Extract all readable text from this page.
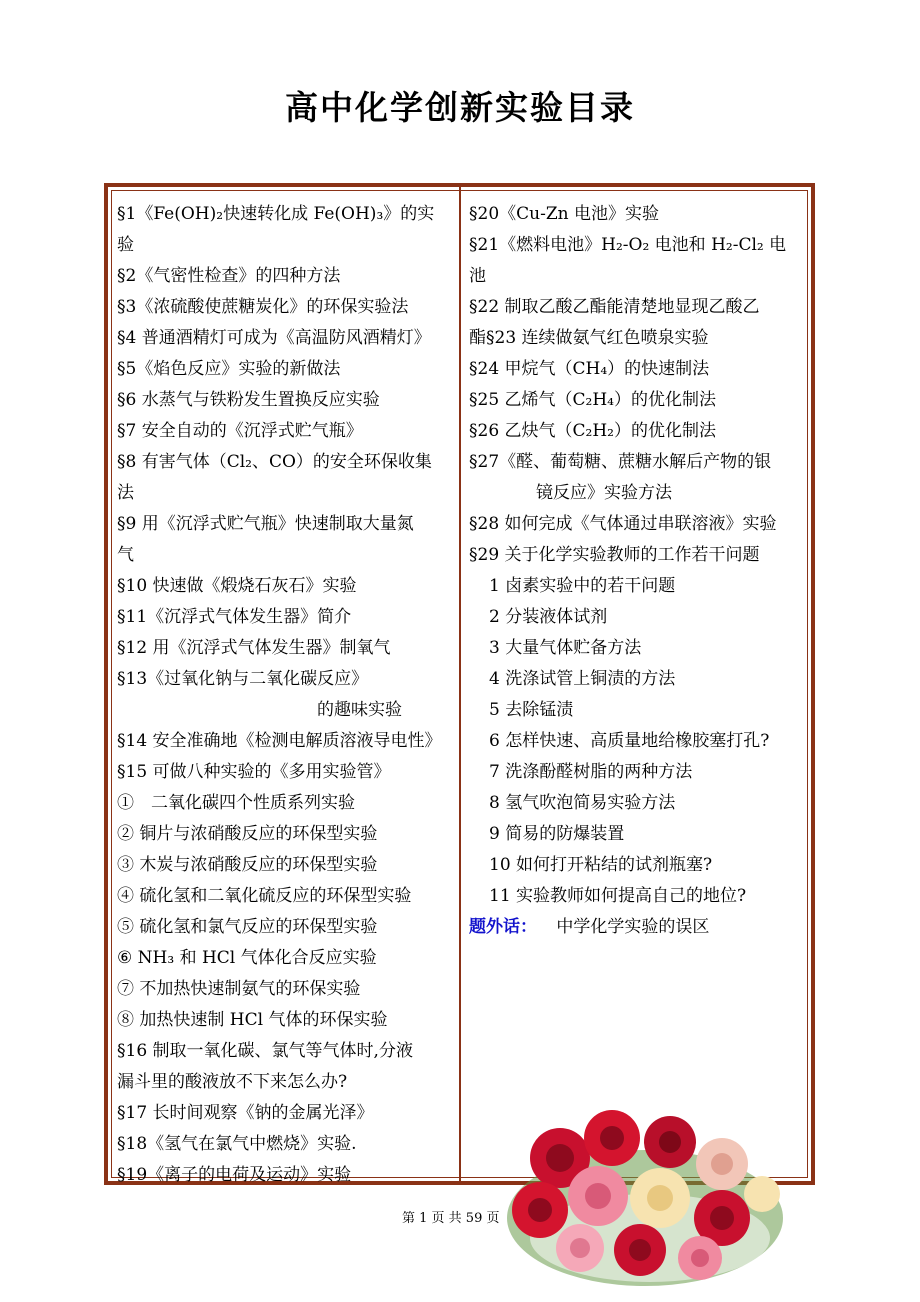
高中化学创新实验目录
§1《Fe(OH)₂快速转化成 Fe(OH)₃》的实
验
§2《气密性检查》的四种方法
§3《浓硫酸使蔗糖炭化》的环保实验法
§4 普通酒精灯可成为《高温防风酒精灯》
§5《焰色反应》实验的新做法
§6 水蒸气与铁粉发生置换反应实验
§7 安全自动的《沉浮式贮气瓶》
§8 有害气体（Cl₂、CO）的安全环保收集
法
§9 用《沉浮式贮气瓶》快速制取大量氮
气
§10 快速做《煅烧石灰石》实验
§11《沉浮式气体发生器》简介
§12 用《沉浮式气体发生器》制氧气
§13《过氧化钠与二氧化碳反应》
的趣味实验
§14 安全准确地《检测电解质溶液导电性》
§15 可做八种实验的《多用实验管》
①　二氧化碳四个性质系列实验
② 铜片与浓硝酸反应的环保型实验
③ 木炭与浓硝酸反应的环保型实验
④ 硫化氢和二氧化硫反应的环保型实验
⑤ 硫化氢和氯气反应的环保型实验
⑥ NH₃ 和 HCl 气体化合反应实验
⑦ 不加热快速制氨气的环保实验
⑧ 加热快速制 HCl 气体的环保实验
§16 制取一氧化碳、氯气等气体时,分液
漏斗里的酸液放不下来怎么办?
§17 长时间观察《钠的金属光泽》
§18《氢气在氯气中燃烧》实验.
§19《离子的电荷及运动》实验
§20《Cu-Zn 电池》实验
§21《燃料电池》H₂-O₂ 电池和 H₂-Cl₂ 电
池
§22 制取乙酸乙酯能清楚地显现乙酸乙
酯§23 连续做氨气红色喷泉实验
§24 甲烷气（CH₄）的快速制法
§25 乙烯气（C₂H₄）的优化制法
§26 乙炔气（C₂H₂）的优化制法
§27《醛、葡萄糖、蔗糖水解后产物的银
镜反应》实验方法
§28 如何完成《气体通过串联溶液》实验
§29 关于化学实验教师的工作若干问题
1 卤素实验中的若干问题
2 分装液体试剂
3 大量气体贮备方法
4 洗涤试管上铜渍的方法
5 去除锰渍
6 怎样快速、高质量地给橡胶塞打孔?
7 洗涤酚醛树脂的两种方法
8 氢气吹泡简易实验方法
9 简易的防爆装置
10 如何打开粘结的试剂瓶塞?
11 实验教师如何提高自己的地位?
题外话： 中学化学实验的误区
第 1 页 共 59 页
